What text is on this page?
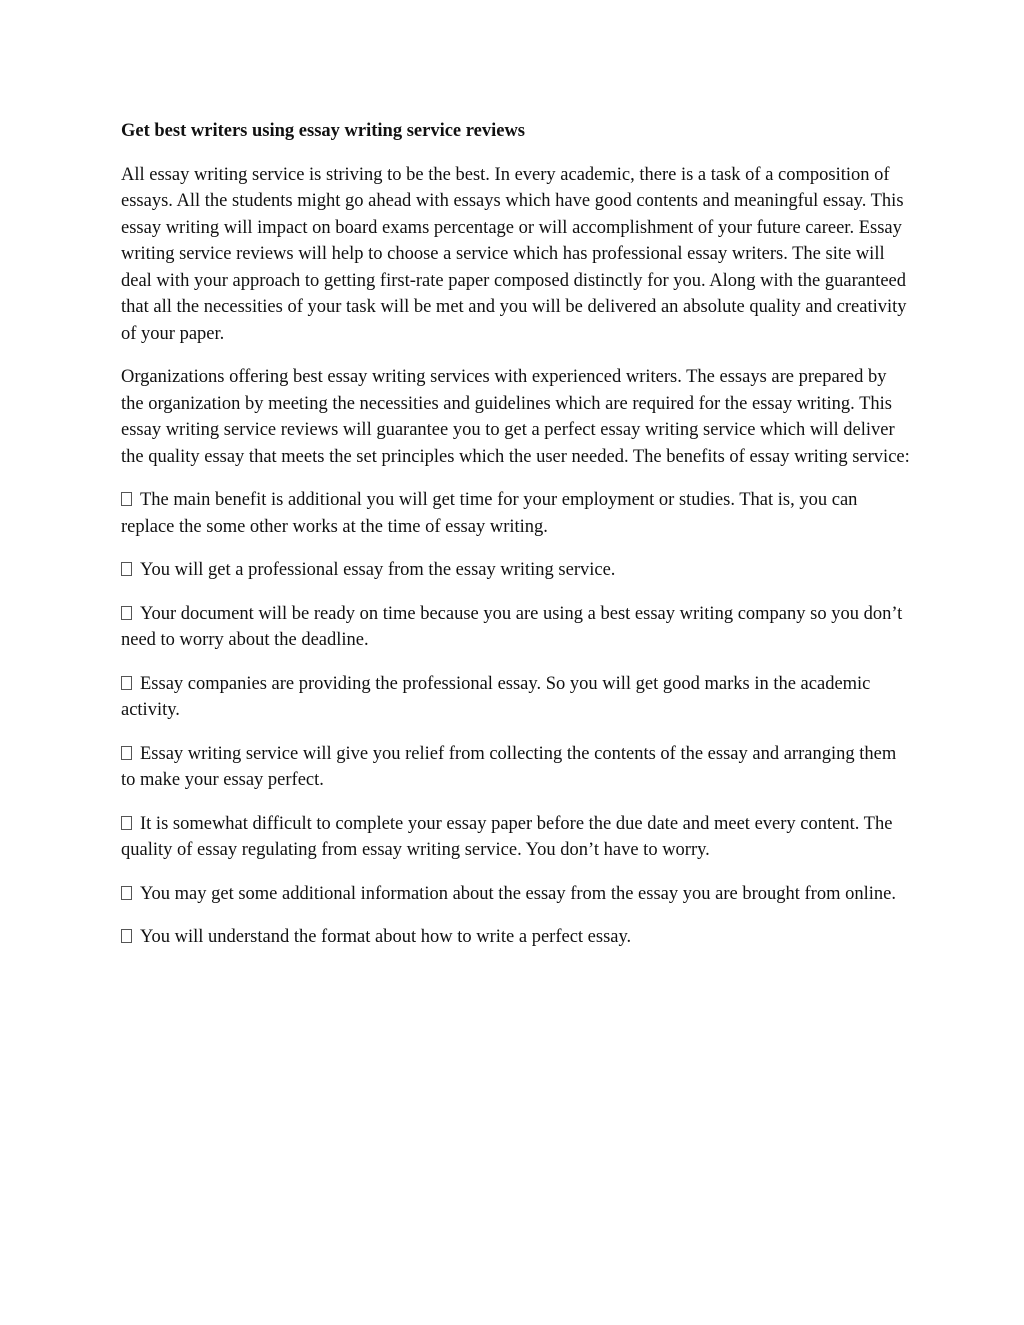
Get best writers using essay writing service reviews

All essay writing service is striving to be the best. In every academic, there is a task of a composition of essays. All the students might go ahead with essays which have good contents and meaningful essay. This essay writing will impact on board exams percentage or will accomplishment of your future career. Essay writing service reviews will help to choose a service which has professional essay writers. The site will deal with your approach to getting first-rate paper composed distinctly for you. Along with the guaranteed that all the necessities of your task will be met and you will be delivered an absolute quality and creativity of your paper.

Organizations offering best essay writing services with experienced writers. The essays are prepared by the organization by meeting the necessities and guidelines which are required for the essay writing. This essay writing service reviews will guarantee you to get a perfect essay writing service which will deliver the quality essay that meets the set principles which the user needed. The benefits of essay writing service:

The main benefit is additional you will get time for your employment or studies. That is, you can replace the some other works at the time of essay writing.
You will get a professional essay from the essay writing service.
Your document will be ready on time because you are using a best essay writing company so you don’t need to worry about the deadline.
Essay companies are providing the professional essay. So you will get good marks in the academic activity.
Essay writing service will give you relief from collecting the contents of the essay and arranging them to make your essay perfect.
It is somewhat difficult to complete your essay paper before the due date and meet every content. The quality of essay regulating from essay writing service. You don’t have to worry.
You may get some additional information about the essay from the essay you are brought from online.
You will understand the format about how to write a perfect essay.
